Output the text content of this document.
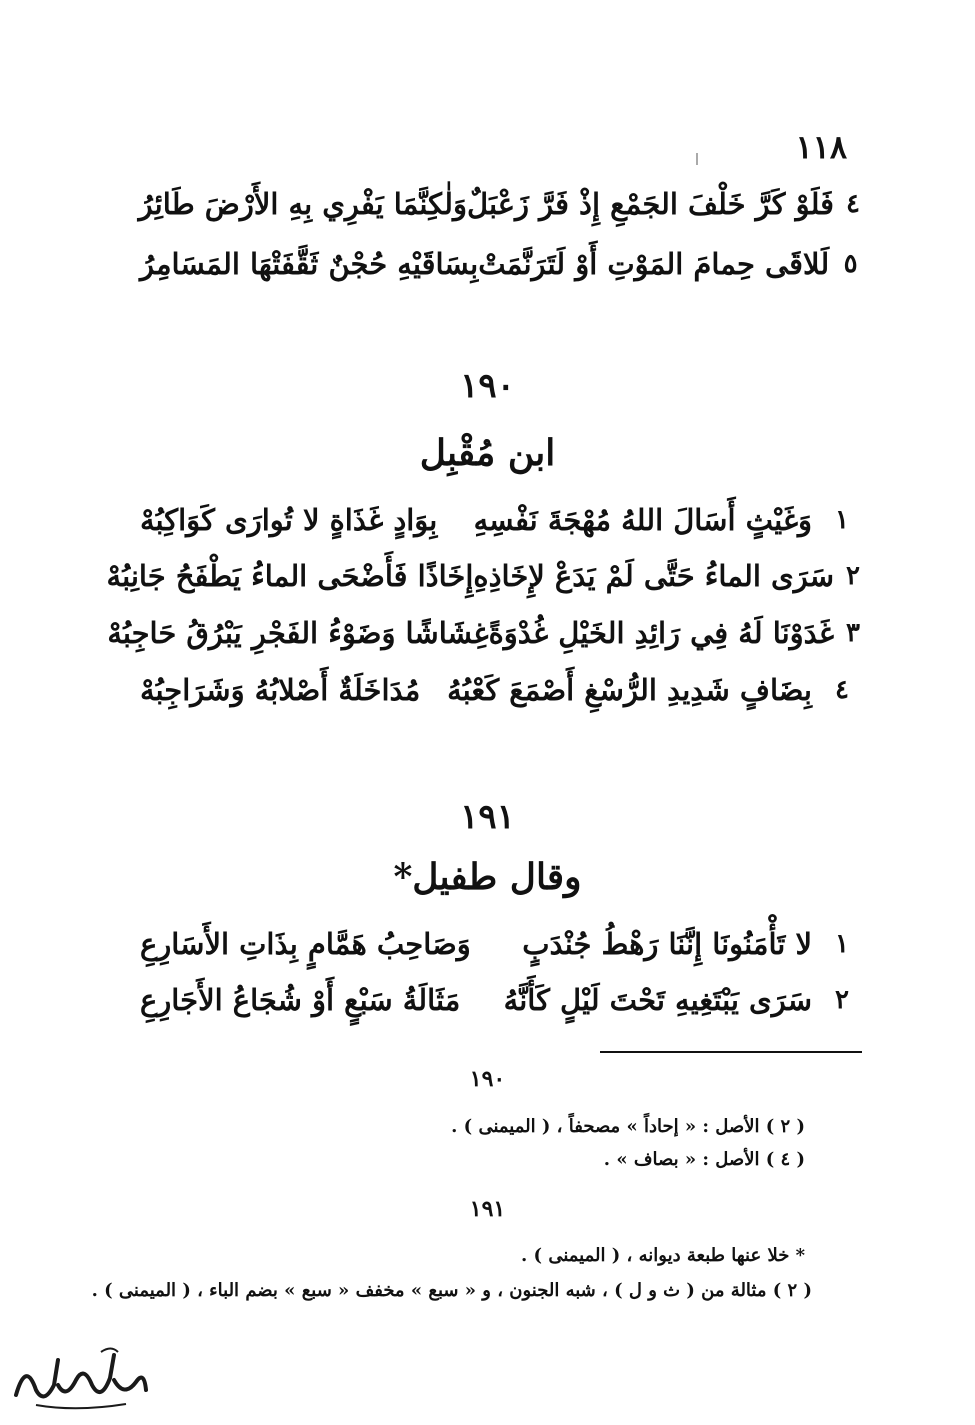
١١٨
٤
فَلَوْ كَرَّ خَلْفَ الجَمْعِ إِذْ فَرَّ زَعْبَلٌ
وَلٰكِنَّمَا يَفْرِي بِهِ الأَرْضَ طَائِرُ
٥
لَلاقَى حِمامَ المَوْتِ أَوْ لَتَرَنَّمَتْ
بِسَاقَيْهِ حُجْنٌ ثَقَّفَتْهَا المَسَامِرُ
١٩٠
ابن مُقْبِل
١
وَغَيْثٍ أَسَالَ اللهُ مُهْجَةَ نَفْسِهِ
بِوَادٍ غَذَاةٍ لا تُوارَى كَوَاكِبُهْ
٢
سَرَى الماءُ حَتَّى لَمْ يَدَعْ لإِخَاذِهِ
إِخَاذًا فَأَضْحَى الماءُ يَطْفَحُ جَانِبُهْ
٣
غَدَوْنَا لَهُ فِي رَائِدِ الخَيْلِ غُدْوَةً
غِشَاشًا وَضَوْءُ الفَجْرِ يَبْرُقُ حَاجِبُهْ
٤
بِضَافٍ شَدِيدِ الرُّسْغِ أَصْمَعَ كَعْبُهُ
مُدَاخَلَةٌ أَصْلابُهُ وَشَرَاجِبُهْ
١٩١
وقال طفيل*
١
لا تَأْمَنُونَا إِنَّنَا رَهْطُ جُنْدَبٍ
وَصَاحِبُ هَمَّامٍ بِذَاتِ الأَسَارِعِ
٢
سَرَى يَبْتَغِيهِ تَحْتَ لَيْلٍ كَأَنَّهُ
مَثَالَةُ سَبْعٍ أَوْ شُجَاعُ الأَجَارِعِ
١٩٠
( ٢ ) الأصل : « إحاداً » مصحفاً ، ( الميمنى ) .
( ٤ ) الأصل : « بصاف » .
١٩١
* خلا عنها طبعة ديوانه ، ( الميمنى ) .
( ٢ ) مثالة من ( ث و ل ) ، شبه الجنون ، و « سبع » مخفف « سبع » بضم الباء ، ( الميمنى ) .
